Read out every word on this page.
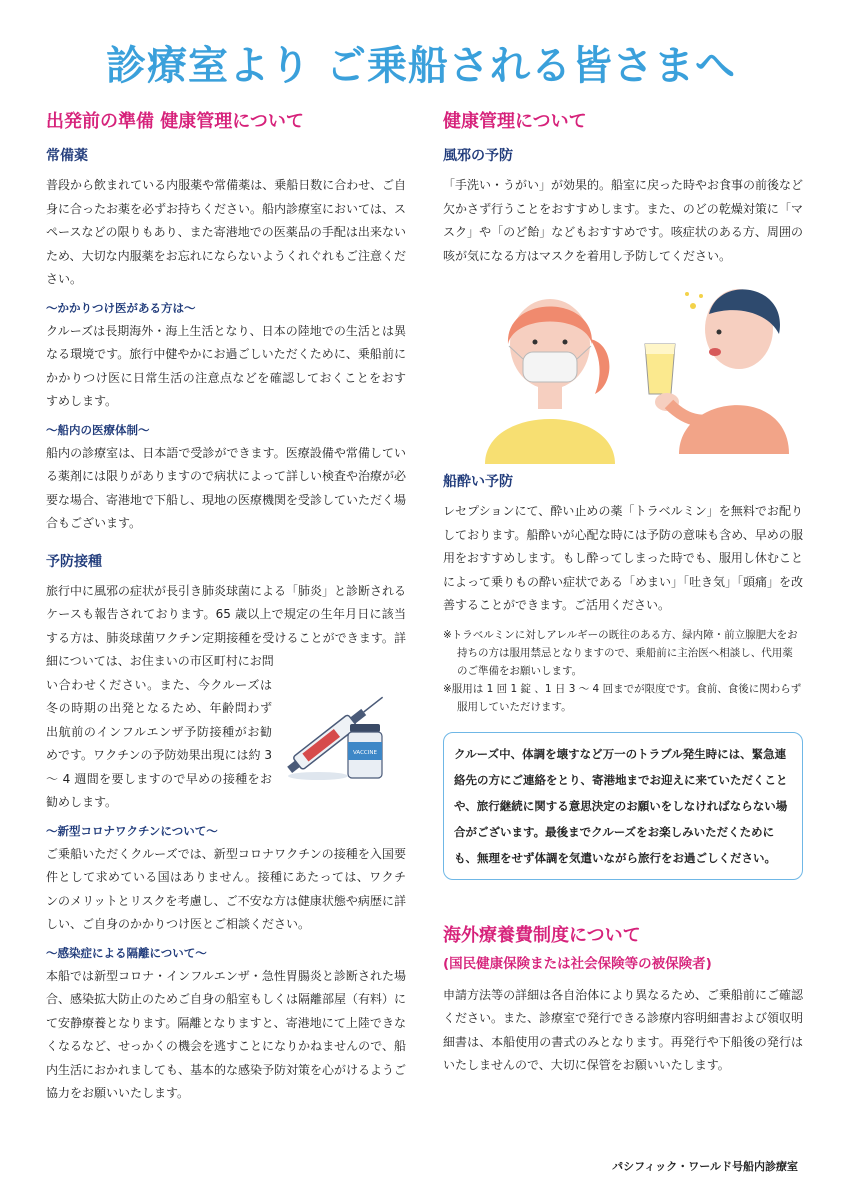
診療室より ご乗船される皆さまへ
出発前の準備 健康管理について
常備薬

普段から飲まれている内服薬や常備薬は、乗船日数に合わせ、ご自身に合ったお薬を必ずお持ちください。船内診療室においては、スペースなどの限りもあり、また寄港地での医薬品の手配は出来ないため、大切な内服薬をお忘れにならないようくれぐれもご注意ください。

〜かかりつけ医がある方は〜

クルーズは長期海外・海上生活となり、日本の陸地での生活とは異なる環境です。旅行中健やかにお過ごしいただくために、乗船前にかかりつけ医に日常生活の注意点などを確認しておくことをおすすめします。

〜船内の医療体制〜

船内の診療室は、日本語で受診ができます。医療設備や常備している薬剤には限りがありますので病状によって詳しい検査や治療が必要な場合、寄港地で下船し、現地の医療機関を受診していただく場合もございます。

予防接種

旅行中に風邪の症状が長引き肺炎球菌による「肺炎」と診断されるケースも報告されております。65 歳以上で規定の生年月日に該当する方は、肺炎球菌ワクチン定期接種を受けることができます。詳細については、お住まいの市区町村にお問

い合わせください。また、今クルーズは冬の時期の出発となるため、年齢問わず出航前のインフルエンザ予防接種がお勧めです。ワクチンの予防効果出現には約 3 〜 4 週間を要しますので早めの接種をお勧めします。

VACCINE
〜新型コロナワクチンについて〜

ご乗船いただくクルーズでは、新型コロナワクチンの接種を入国要件として求めている国はありません。接種にあたっては、ワクチンのメリットとリスクを考慮し、ご不安な方は健康状態や病歴に詳しい、ご自身のかかりつけ医とご相談ください。

〜感染症による隔離について〜

本船では新型コロナ・インフルエンザ・急性胃腸炎と診断された場合、感染拡大防止のためご自身の船室もしくは隔離部屋（有料）にて安静療養となります。隔離となりますと、寄港地にて上陸できなくなるなど、せっかくの機会を逃すことになりかねませんので、船内生活におかれましても、基本的な感染予防対策を心がけるようご協力をお願いいたします。

健康管理について
風邪の予防

「手洗い・うがい」が効果的。船室に戻った時やお食事の前後など欠かさず行うことをおすすめします。また、のどの乾燥対策に「マスク」や「のど飴」などもおすすめです。咳症状のある方、周囲の咳が気になる方はマスクを着用し予防してください。

船酔い予防

レセプションにて、酔い止めの薬「トラベルミン」を無料でお配りしております。船酔いが心配な時には予防の意味も含め、早めの服用をおすすめします。もし酔ってしまった時でも、服用し休むことによって乗りもの酔い症状である「めまい」「吐き気」「頭痛」を改善することができます。ご活用ください。

※トラベルミンに対しアレルギーの既往のある方、緑内障・前立腺肥大をお持ちの方は服用禁忌となりますので、乗船前に主治医へ相談し、代用薬のご準備をお願いします。

※服用は 1 回 1 錠 、1 日 3 〜 4 回までが限度です。食前、食後に関わらず服用していただけます。

クルーズ中、体調を壊すなど万一のトラブル発生時には、緊急連絡先の方にご連絡をとり、寄港地までお迎えに来ていただくことや、旅行継続に関する意思決定のお願いをしなければならない場合がございます。最後までクルーズをお楽しみいただくためにも、無理をせず体調を気遣いながら旅行をお過ごしください。
海外療養費制度について
(国民健康保険または社会保険等の被保険者)

申請方法等の詳細は各自治体により異なるため、ご乗船前にご確認ください。また、診療室で発行できる診療内容明細書および領収明細書は、本船使用の書式のみとなります。再発行や下船後の発行はいたしませんので、大切に保管をお願いいたします。

パシフィック・ワールド号船内診療室
